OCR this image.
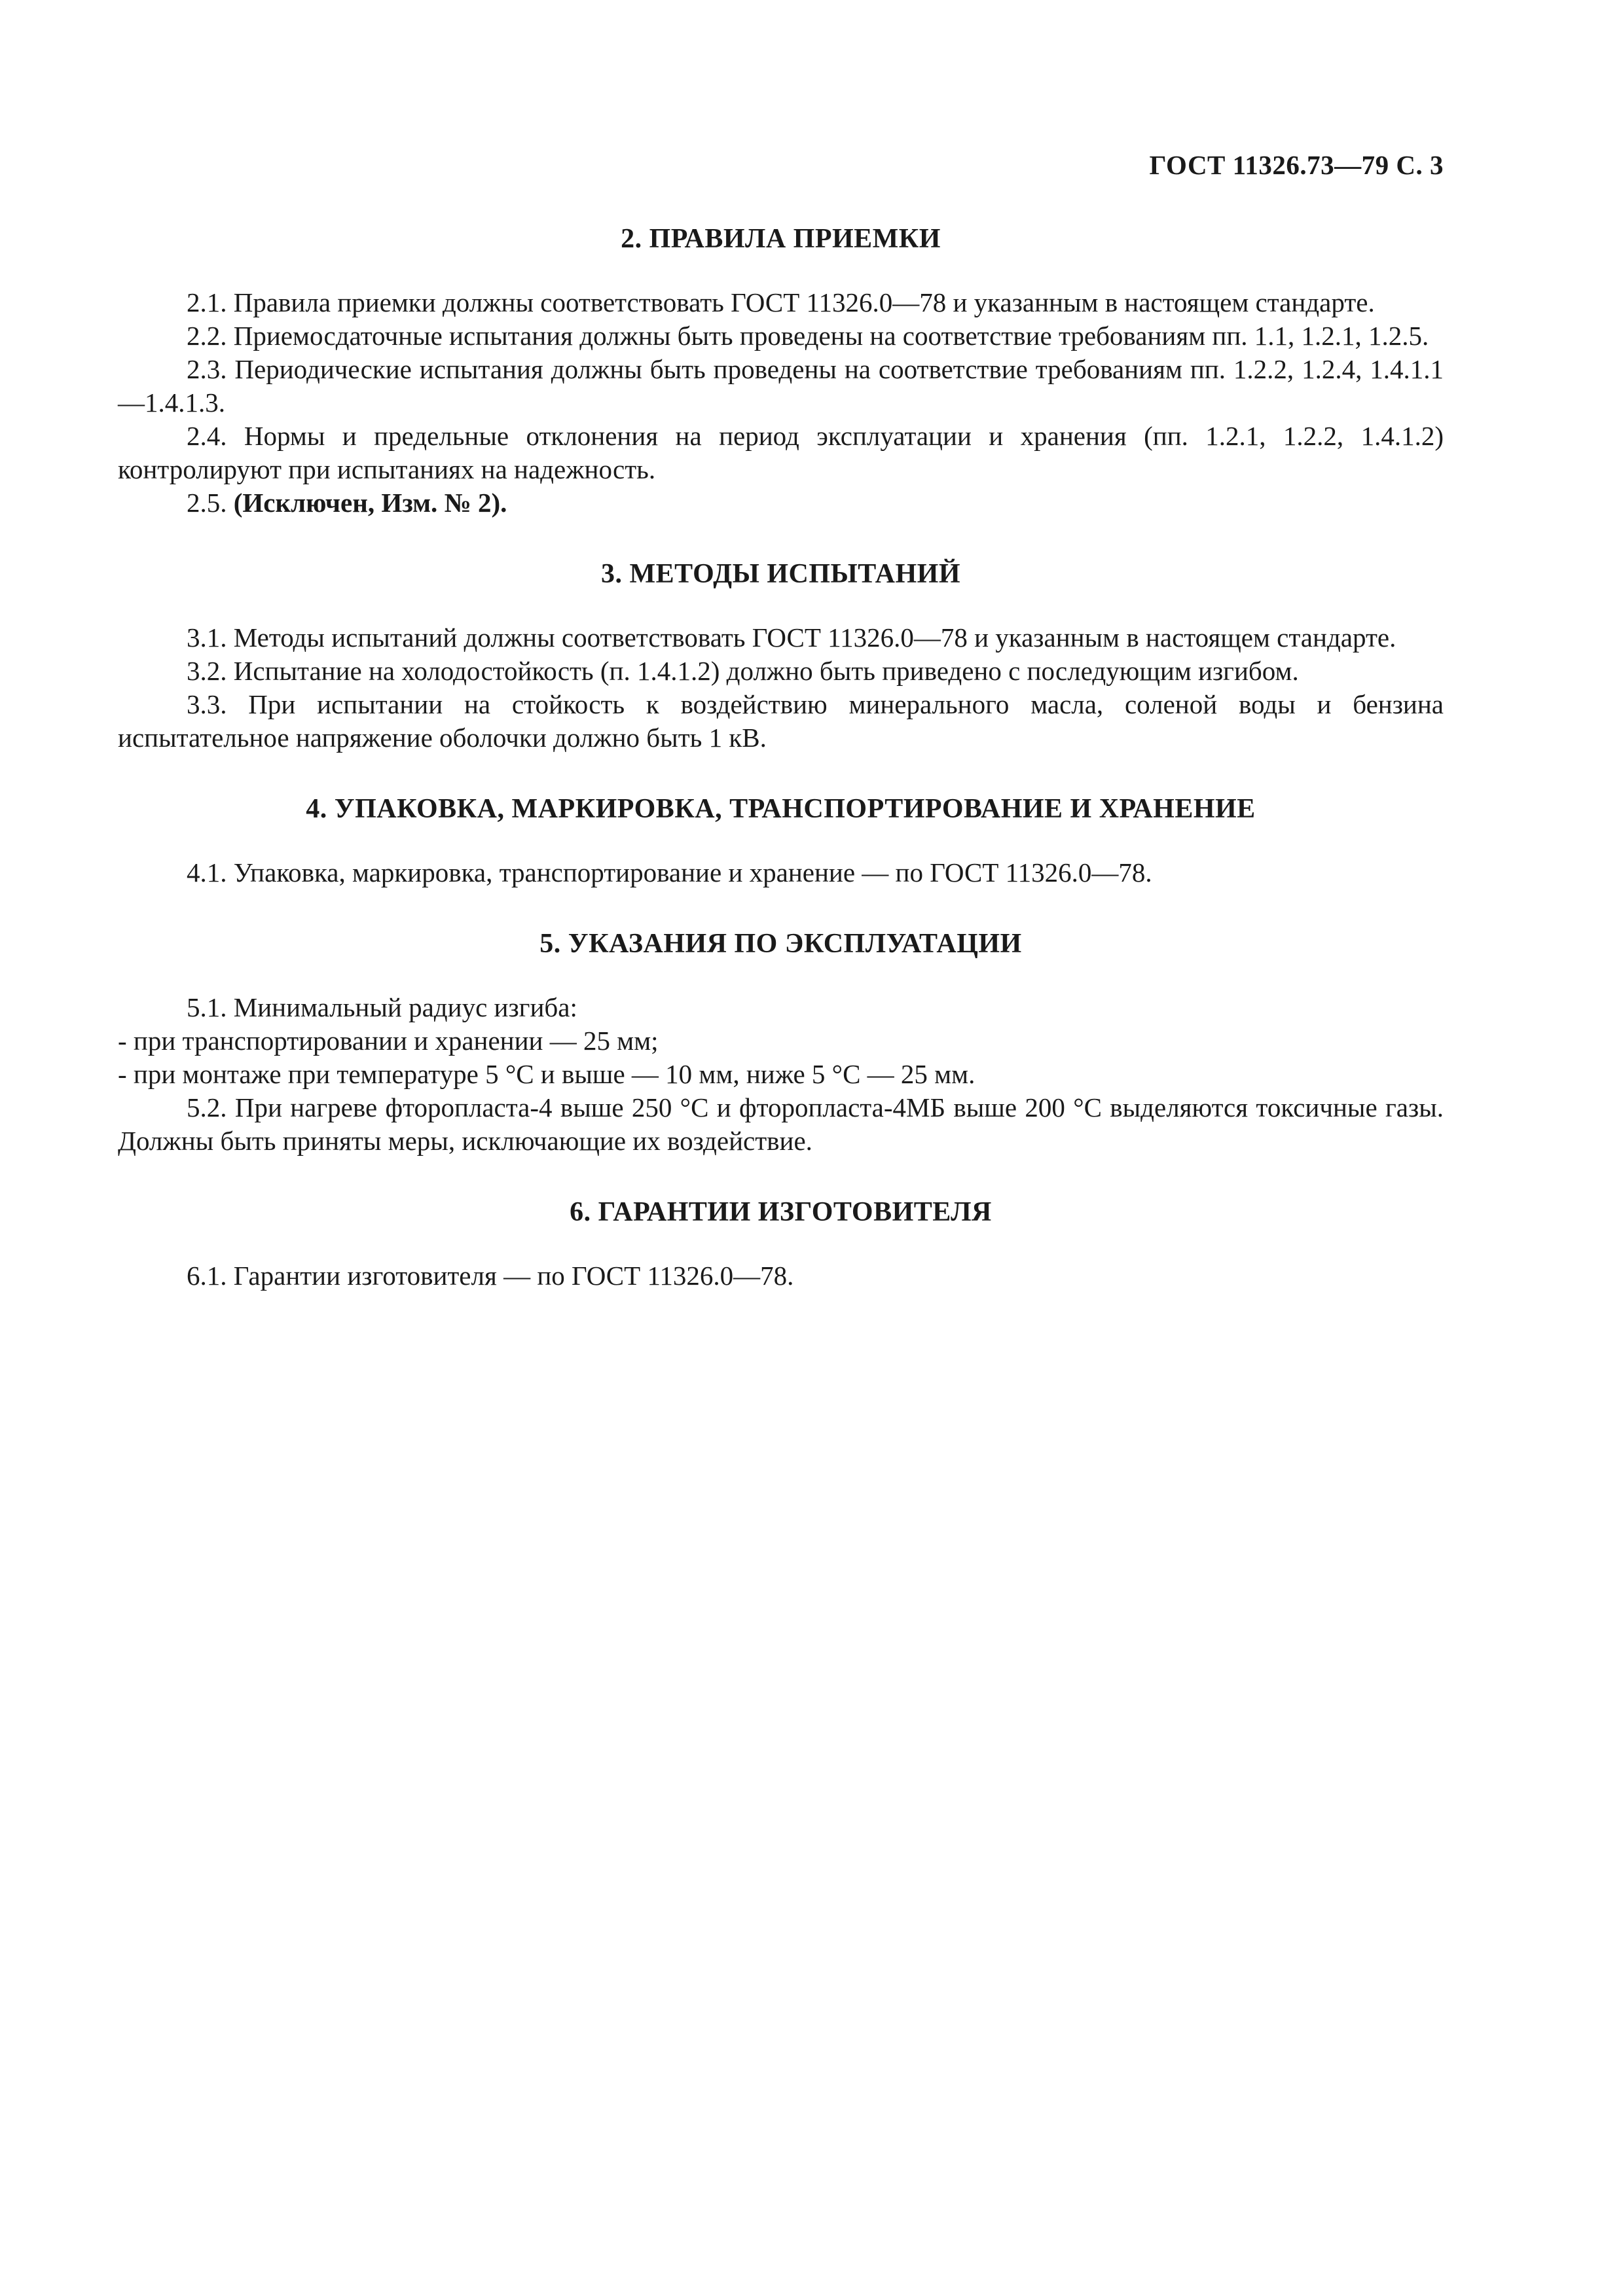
ГОСТ 11326.73—79 С. 3
2. ПРАВИЛА ПРИЕМКИ

2.1. Правила приемки должны соответствовать ГОСТ 11326.0—78 и указанным в настоящем стандарте.

2.2. Приемосдаточные испытания должны быть проведены на соответствие требованиям пп. 1.1, 1.2.1, 1.2.5.

2.3. Периодические испытания должны быть проведены на соответствие требованиям пп. 1.2.2, 1.2.4, 1.4.1.1—1.4.1.3.

2.4. Нормы и предельные отклонения на период эксплуатации и хранения (пп. 1.2.1, 1.2.2, 1.4.1.2) контролируют при испытаниях на надежность.

2.5. (Исключен, Изм. № 2).

3. МЕТОДЫ ИСПЫТАНИЙ

3.1. Методы испытаний должны соответствовать ГОСТ 11326.0—78 и указанным в настоящем стандарте.

3.2. Испытание на холодостойкость (п. 1.4.1.2) должно быть приведено с последующим изгибом.

3.3. При испытании на стойкость к воздействию минерального масла, соленой воды и бензина испытательное напряжение оболочки должно быть 1 кВ.

4. УПАКОВКА, МАРКИРОВКА, ТРАНСПОРТИРОВАНИЕ И ХРАНЕНИЕ

4.1. Упаковка, маркировка, транспортирование и хранение — по ГОСТ 11326.0—78.

5. УКАЗАНИЯ ПО ЭКСПЛУАТАЦИИ

5.1. Минимальный радиус изгиба:

- при транспортировании и хранении — 25 мм;

- при монтаже при температуре 5 °С и выше — 10 мм, ниже 5 °С — 25 мм.

5.2. При нагреве фторопласта-4 выше 250 °С и фторопласта-4МБ выше 200 °С выделяются токсичные газы. Должны быть приняты меры, исключающие их воздействие.

6. ГАРАНТИИ ИЗГОТОВИТЕЛЯ

6.1. Гарантии изготовителя — по ГОСТ 11326.0—78.
